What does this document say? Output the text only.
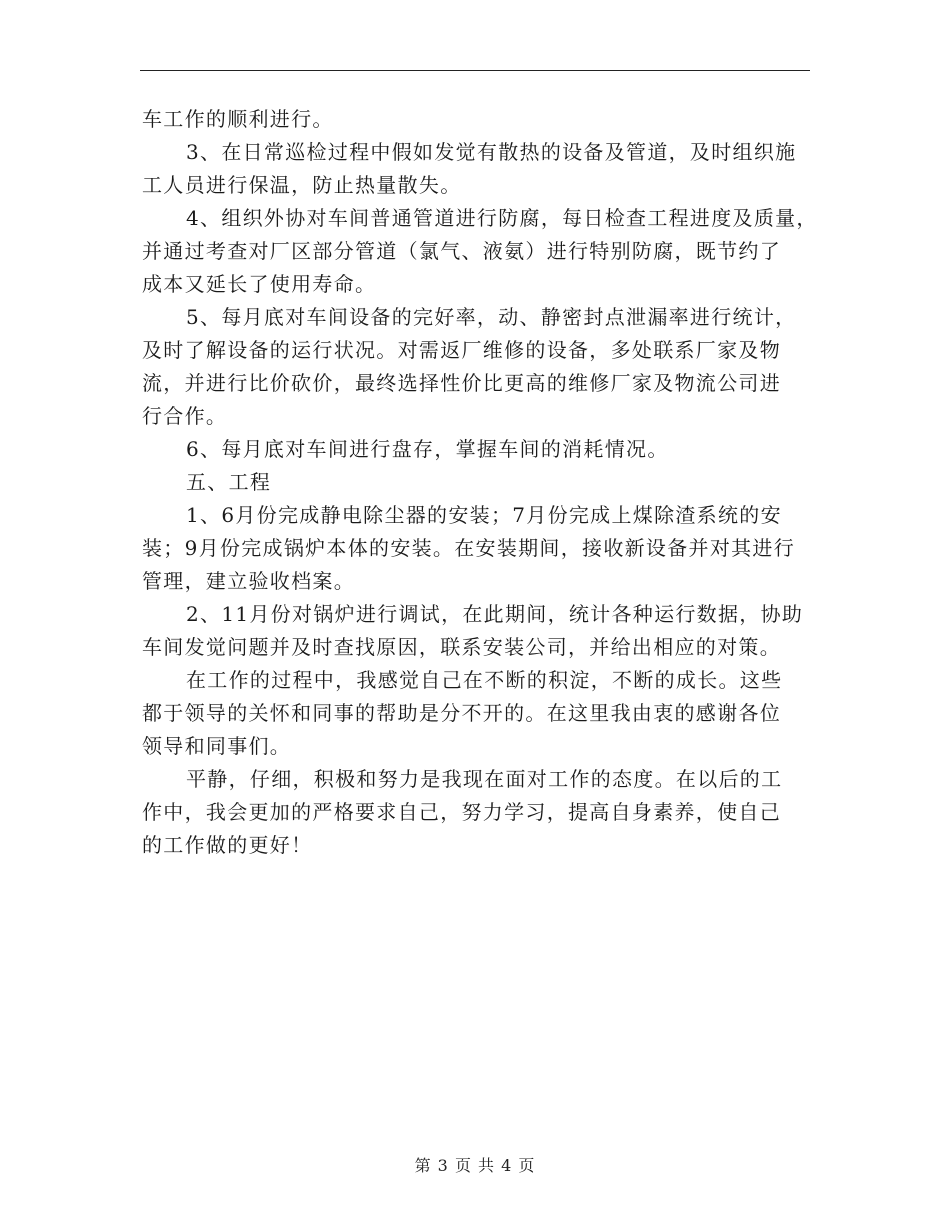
车工作的顺利进行。
3、在日常巡检过程中假如发觉有散热的设备及管道，及时组织施
工人员进行保温，防止热量散失。
4、组织外协对车间普通管道进行防腐，每日检查工程进度及质量，
并通过考查对厂区部分管道（氯气、液氨）进行特别防腐，既节约了
成本又延长了使用寿命。
5、每月底对车间设备的完好率，动、静密封点泄漏率进行统计，
及时了解设备的运行状况。对需返厂维修的设备，多处联系厂家及物
流，并进行比价砍价，最终选择性价比更高的维修厂家及物流公司进
行合作。
6、每月底对车间进行盘存，掌握车间的消耗情况。
五、工程
1、6月份完成静电除尘器的安装；7月份完成上煤除渣系统的安
装；9月份完成锅炉本体的安装。在安装期间，接收新设备并对其进行
管理，建立验收档案。
2、11月份对锅炉进行调试，在此期间，统计各种运行数据，协助
车间发觉问题并及时查找原因，联系安装公司，并给出相应的对策。
在工作的过程中，我感觉自己在不断的积淀，不断的成长。这些
都于领导的关怀和同事的帮助是分不开的。在这里我由衷的感谢各位
领导和同事们。
平静，仔细，积极和努力是我现在面对工作的态度。在以后的工
作中，我会更加的严格要求自己，努力学习，提高自身素养，使自己
的工作做的更好！
第 3 页 共 4 页
